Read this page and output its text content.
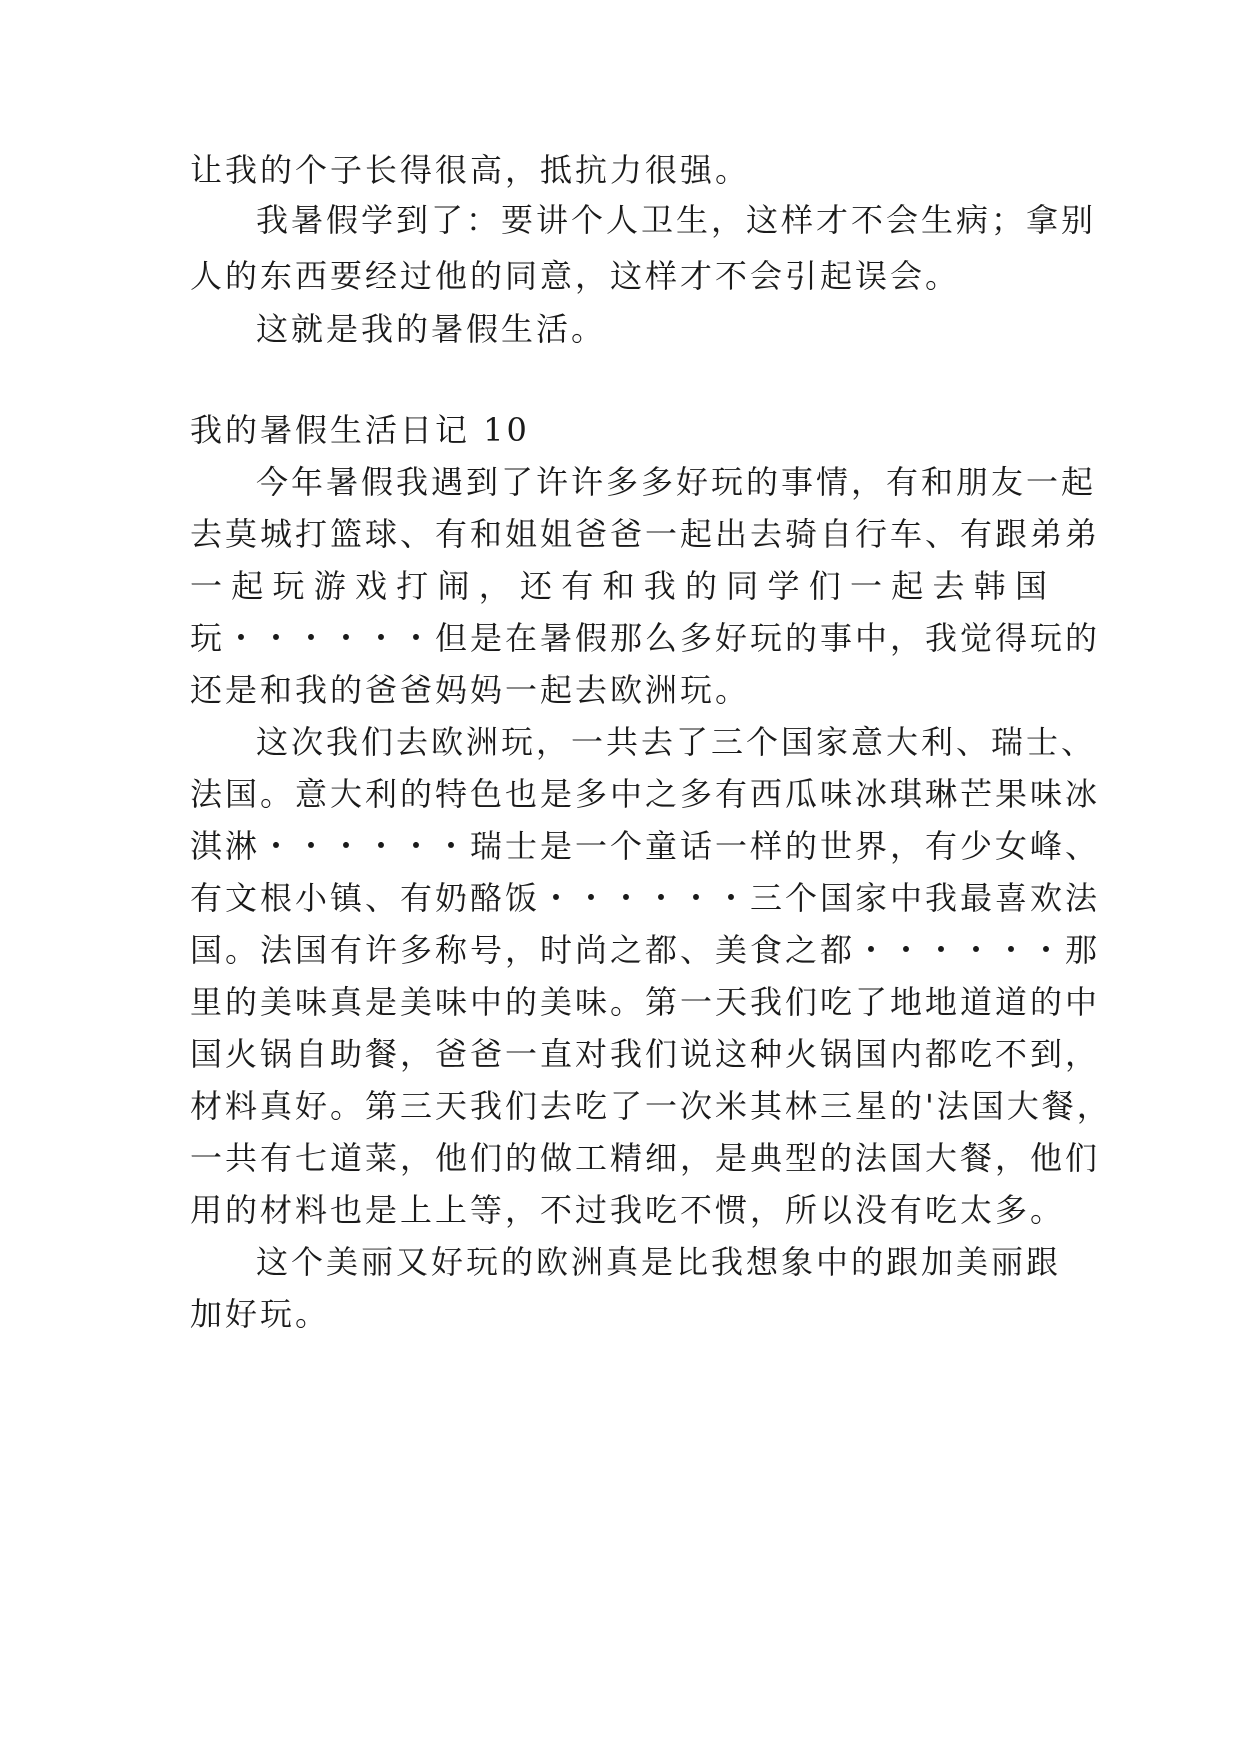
让我的个子长得很高，抵抗力很强。
我暑假学到了：要讲个人卫生，这样才不会生病；拿别
人的东西要经过他的同意，这样才不会引起误会。
这就是我的暑假生活。
我的暑假生活日记 10
今年暑假我遇到了许许多多好玩的事情，有和朋友一起
去莫城打篮球、有和姐姐爸爸一起出去骑自行车、有跟弟弟
一起玩游戏打闹，还有和我的同学们一起去韩国
玩・・・・・・但是在暑假那么多好玩的事中，我觉得玩的
还是和我的爸爸妈妈一起去欧洲玩。
这次我们去欧洲玩，一共去了三个国家意大利、瑞士、
法国。意大利的特色也是多中之多有西瓜味冰琪琳芒果味冰
淇淋・・・・・・瑞士是一个童话一样的世界，有少女峰、
有文根小镇、有奶酪饭・・・・・・三个国家中我最喜欢法
国。法国有许多称号，时尚之都、美食之都・・・・・・那
里的美味真是美味中的美味。第一天我们吃了地地道道的中
国火锅自助餐，爸爸一直对我们说这种火锅国内都吃不到，
材料真好。第三天我们去吃了一次米其林三星的'法国大餐，
一共有七道菜，他们的做工精细，是典型的法国大餐，他们
用的材料也是上上等，不过我吃不惯，所以没有吃太多。
这个美丽又好玩的欧洲真是比我想象中的跟加美丽跟
加好玩。
